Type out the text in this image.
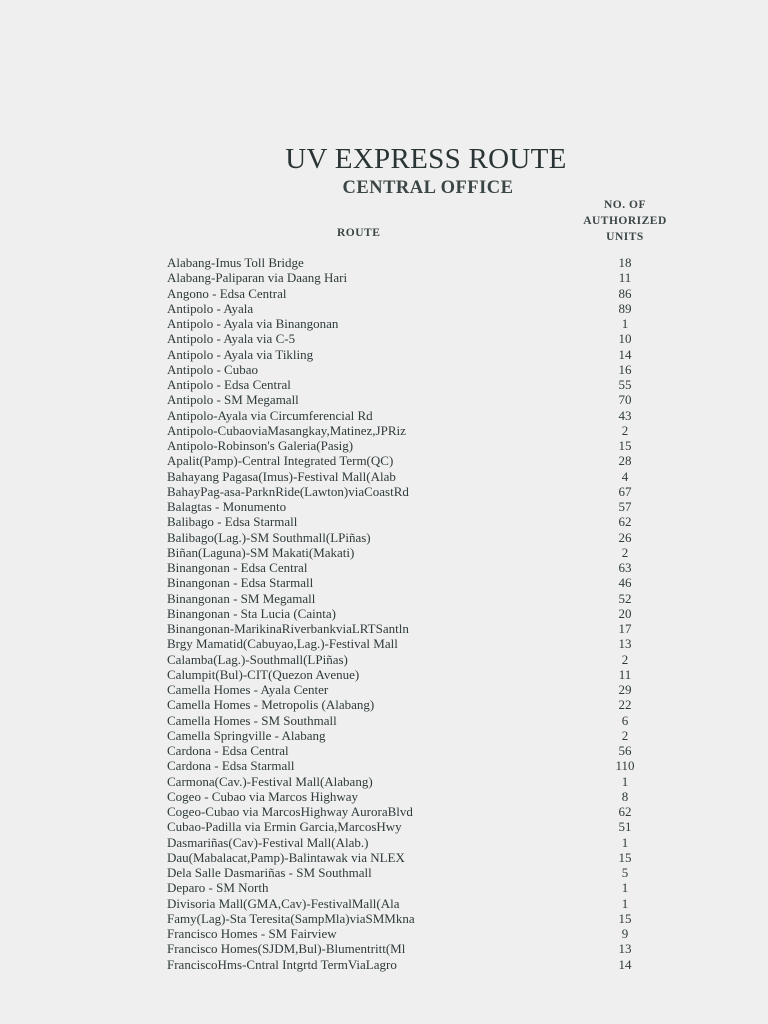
UV EXPRESS ROUTE
CENTRAL OFFICE
ROUTE
NO. OF
AUTHORIZED
UNITS
Alabang-Imus Toll Bridge	18
Alabang-Paliparan via Daang Hari	11
Angono - Edsa Central	86
Antipolo - Ayala	89
Antipolo - Ayala via Binangonan	1
Antipolo - Ayala via C-5	10
Antipolo - Ayala via Tikling	14
Antipolo - Cubao	16
Antipolo - Edsa Central	55
Antipolo - SM Megamall	70
Antipolo-Ayala via Circumferencial Rd	43
Antipolo-CubaoviaMasangkay,Matinez,JPRiz	2
Antipolo-Robinson's Galeria(Pasig)	15
Apalit(Pamp)-Central Integrated Term(QC)	28
Bahayang Pagasa(Imus)-Festival Mall(Alab	4
BahayPag-asa-ParknRide(Lawton)viaCoastRd	67
Balagtas - Monumento	57
Balibago - Edsa Starmall	62
Balibago(Lag.)-SM Southmall(LPiñas)	26
Biñan(Laguna)-SM Makati(Makati)	2
Binangonan - Edsa Central	63
Binangonan - Edsa Starmall	46
Binangonan - SM Megamall	52
Binangonan - Sta Lucia (Cainta)	20
Binangonan-MarikinaRiverbankviaLRTSantln	17
Brgy Mamatid(Cabuyao,Lag.)-Festival Mall	13
Calamba(Lag.)-Southmall(LPiñas)	2
Calumpit(Bul)-CIT(Quezon Avenue)	11
Camella Homes - Ayala Center	29
Camella Homes - Metropolis (Alabang)	22
Camella Homes - SM Southmall	6
Camella Springville - Alabang	2
Cardona - Edsa Central	56
Cardona - Edsa Starmall	110
Carmona(Cav.)-Festival Mall(Alabang)	1
Cogeo - Cubao via Marcos Highway	8
Cogeo-Cubao via MarcosHighway AuroraBlvd	62
Cubao-Padilla via Ermin Garcia,MarcosHwy	51
Dasmariñas(Cav)-Festival Mall(Alab.)	1
Dau(Mabalacat,Pamp)-Balintawak via NLEX	15
Dela Salle Dasmariñas - SM Southmall	5
Deparo - SM North	1
Divisoria Mall(GMA,Cav)-FestivalMall(Ala	1
Famy(Lag)-Sta Teresita(SampMla)viaSMMkna	15
Francisco Homes - SM Fairview	9
Francisco Homes(SJDM,Bul)-Blumentritt(Ml	13
FranciscoHms-Cntral Intgrtd TermViaLagro	14
